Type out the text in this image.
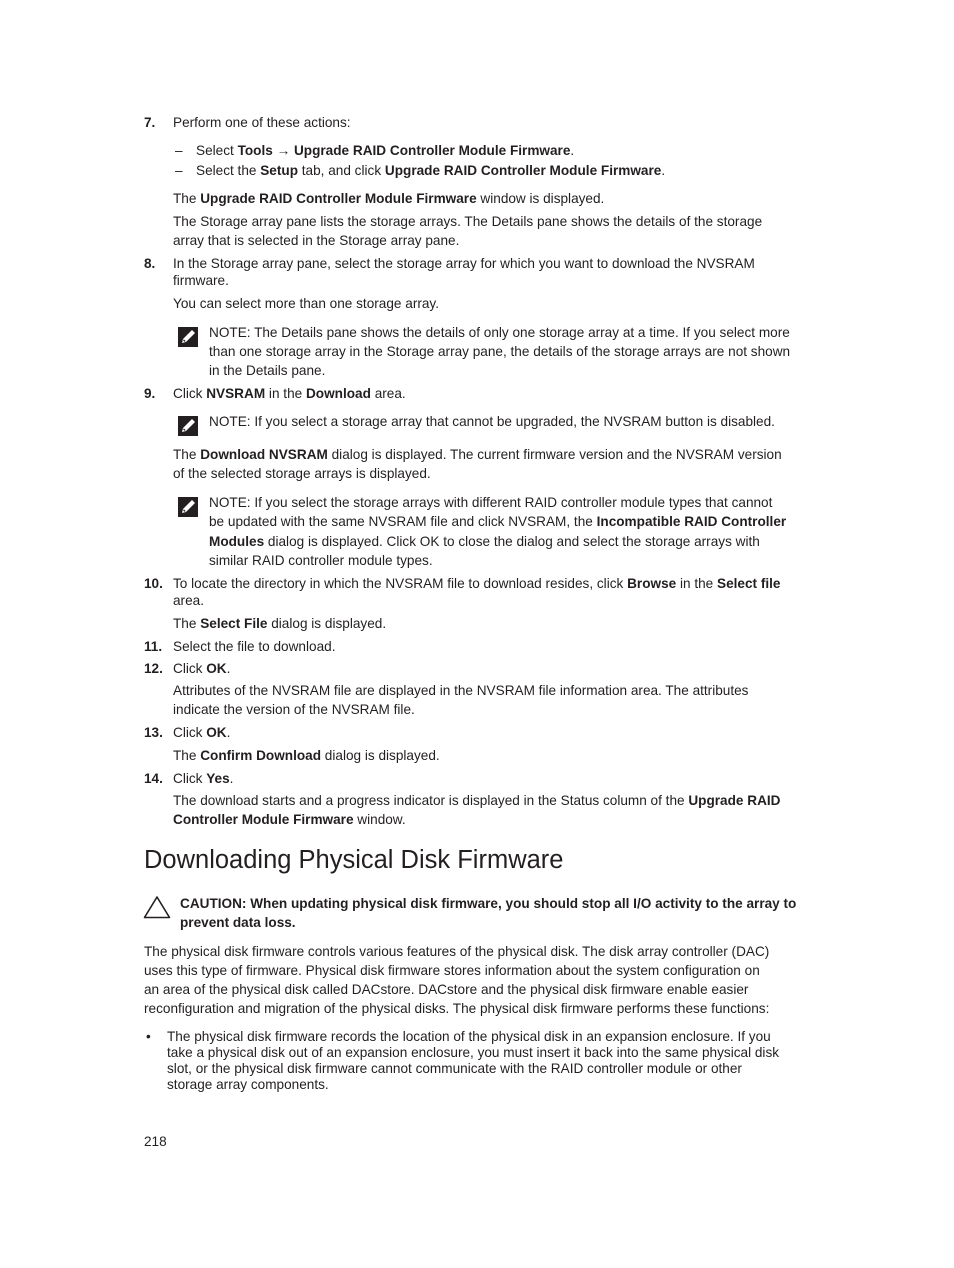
7. Perform one of these actions:
– Select Tools → Upgrade RAID Controller Module Firmware.
– Select the Setup tab, and click Upgrade RAID Controller Module Firmware.
The Upgrade RAID Controller Module Firmware window is displayed.
The Storage array pane lists the storage arrays. The Details pane shows the details of the storage
array that is selected in the Storage array pane.
8. In the Storage array pane, select the storage array for which you want to download the NVSRAM
firmware.
You can select more than one storage array.
NOTE: The Details pane shows the details of only one storage array at a time. If you select more
than one storage array in the Storage array pane, the details of the storage arrays are not shown
in the Details pane.
9. Click NVSRAM in the Download area.
NOTE: If you select a storage array that cannot be upgraded, the NVSRAM button is disabled.
The Download NVSRAM dialog is displayed. The current firmware version and the NVSRAM version
of the selected storage arrays is displayed.
NOTE: If you select the storage arrays with different RAID controller module types that cannot
be updated with the same NVSRAM file and click NVSRAM, the Incompatible RAID Controller
Modules dialog is displayed. Click OK to close the dialog and select the storage arrays with
similar RAID controller module types.
10. To locate the directory in which the NVSRAM file to download resides, click Browse in the Select file
area.
The Select File dialog is displayed.
11. Select the file to download.
12. Click OK.
Attributes of the NVSRAM file are displayed in the NVSRAM file information area. The attributes
indicate the version of the NVSRAM file.
13. Click OK.
The Confirm Download dialog is displayed.
14. Click Yes.
The download starts and a progress indicator is displayed in the Status column of the Upgrade RAID
Controller Module Firmware window.
Downloading Physical Disk Firmware
CAUTION: When updating physical disk firmware, you should stop all I/O activity to the array to
prevent data loss.
The physical disk firmware controls various features of the physical disk. The disk array controller (DAC)
uses this type of firmware. Physical disk firmware stores information about the system configuration on
an area of the physical disk called DACstore. DACstore and the physical disk firmware enable easier
reconfiguration and migration of the physical disks. The physical disk firmware performs these functions:
• The physical disk firmware records the location of the physical disk in an expansion enclosure. If you
take a physical disk out of an expansion enclosure, you must insert it back into the same physical disk
slot, or the physical disk firmware cannot communicate with the RAID controller module or other
storage array components.
218
